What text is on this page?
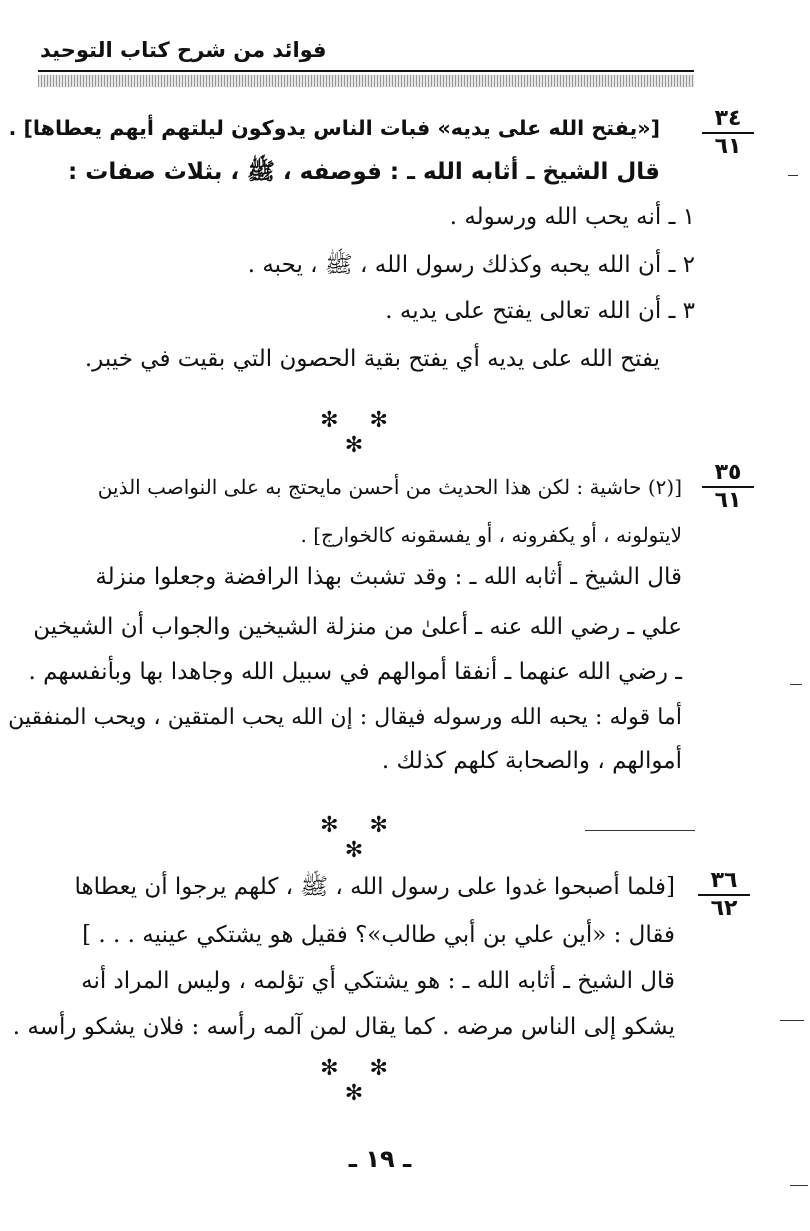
فوائد من شرح كتاب التوحيد
٣٤
٦١
[«يفتح الله على يديه» فبات الناس يدوكون ليلتهم أيهم يعطاها] .
قال الشيخ ـ أثابه الله ـ : فوصفه ، ﷺ ، بثلاث صفات :
١ ـ أنه يحب الله ورسوله .
٢ ـ أن الله يحبه وكذلك رسول الله ، ﷺ ، يحبه .
٣ ـ أن الله تعالى يفتح على يديه .
يفتح الله على يديه أي يفتح بقية الحصون التي بقيت في خيبر.
✻ ✻ ✻
٣٥
٦١
[(٢) حاشية : لكن هذا الحديث من أحسن مايحتج به على النواصب الذين
لايتولونه ، أو يكفرونه ، أو يفسقونه كالخوارج] .
قال الشيخ ـ أثابه الله ـ : وقد تشبث بهذا الرافضة وجعلوا منزلة
علي ـ رضي الله عنه ـ أعلىٰ من منزلة الشيخين والجواب أن الشيخين
ـ رضي الله عنهما ـ أنفقا أموالهم في سبيل الله وجاهدا بها وبأنفسهم .
أما قوله : يحبه الله ورسوله فيقال : إن الله يحب المتقين ، ويحب المنفقين
أموالهم ، والصحابة كلهم كذلك .
✻ ✻ ✻
٣٦
٦٢
[فلما أصبحوا غدوا على رسول الله ، ﷺ ، كلهم يرجوا أن يعطاها
فقال : «أين علي بن أبي طالب»؟ فقيل هو يشتكي عينيه . . . ]
قال الشيخ ـ أثابه الله ـ : هو يشتكي أي تؤلمه ، وليس المراد أنه
يشكو إلى الناس مرضه . كما يقال لمن آلمه رأسه : فلان يشكو رأسه .
✻ ✻ ✻
ـ ١٩ ـ
